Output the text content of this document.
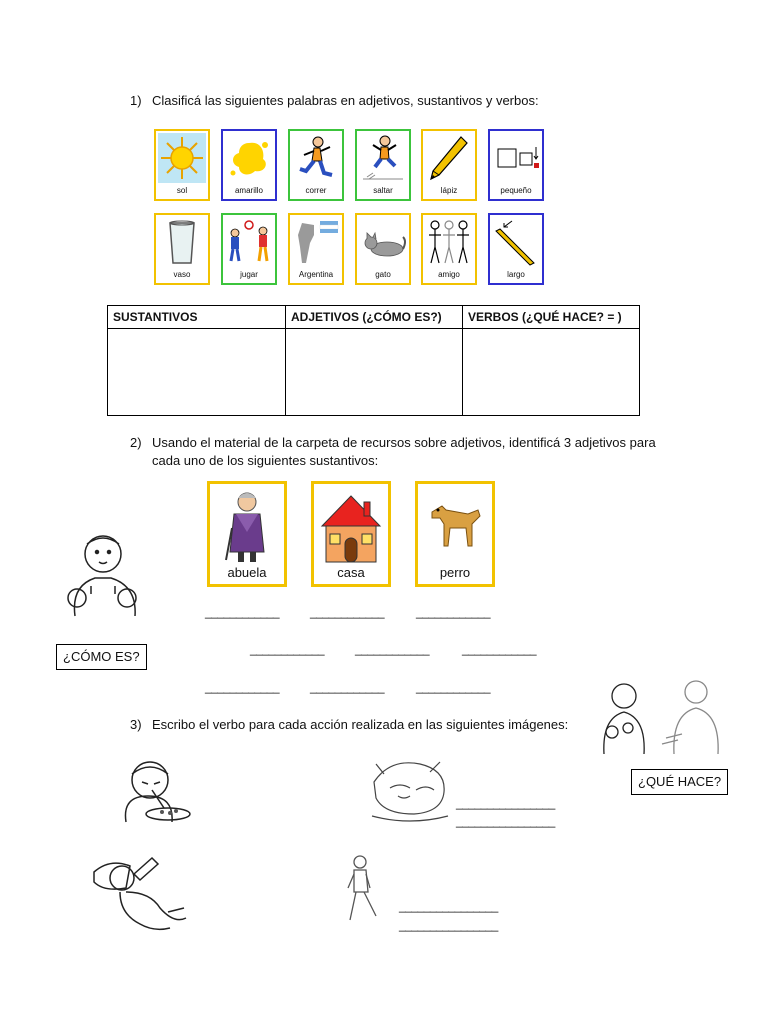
1) Clasificá las siguientes palabras en adjetivos, sustantivos y verbos:
sol	amarillo	correr	saltar	lápiz	pequeño
vaso	jugar	Argentina	gato	amigo	largo
SUSTANTIVOS	ADJETIVOS (¿CÓMO ES?)	VERBOS (¿QUÉ HACE? = )

2) Usando el material de la carpeta de recursos sobre adjetivos, identificá 3 adjetivos para
cada uno de los siguientes sustantivos:
abuela	casa	perro
¿CÓMO ES?
____________	____________	____________
____________	____________	____________
____________	____________	____________
3) Escribo el verbo para cada acción realizada en las siguientes imágenes:
¿QUÉ HACE?
________________
________________
________________
________________
